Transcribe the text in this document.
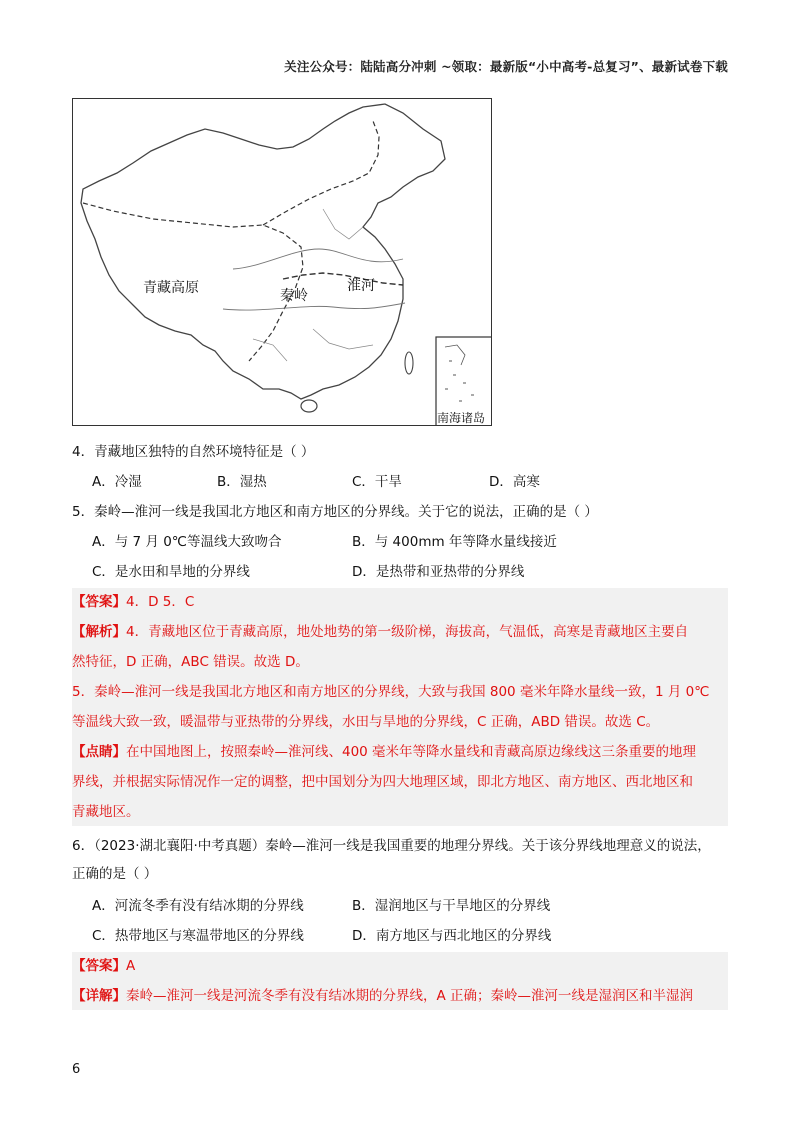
关注公众号：陆陆高分冲刺 ~领取：最新版“小中高考-总复习”、最新试卷下载
青藏高原	秦岭
淮河
南海诸岛
4．青藏地区独特的自然环境特征是（ ）
A．冷湿	B．湿热	C．干旱	D．高寒
5．秦岭—淮河一线是我国北方地区和南方地区的分界线。关于它的说法，正确的是（ ）
A．与 7 月 0℃等温线大致吻合	B．与 400mm 年等降水量线接近
C．是水田和旱地的分界线	D．是热带和亚热带的分界线
【答案】4．D 5．C
【解析】4．青藏地区位于青藏高原，地处地势的第一级阶梯，海拔高，气温低，高寒是青藏地区主要自
然特征，D 正确，ABC 错误。故选 D。
5．秦岭—淮河一线是我国北方地区和南方地区的分界线，大致与我国 800 毫米年降水量线一致，1 月 0℃
等温线大致一致，暖温带与亚热带的分界线，水田与旱地的分界线，C 正确，ABD 错误。故选 C。
【点睛】在中国地图上，按照秦岭—淮河线、400 毫米年等降水量线和青藏高原边缘线这三条重要的地理
界线，并根据实际情况作一定的调整，把中国划分为四大地理区域，即北方地区、南方地区、西北地区和
青藏地区。
6．（2023·湖北襄阳·中考真题）秦岭—淮河一线是我国重要的地理分界线。关于该分界线地理意义的说法，
正确的是（ ）
A．河流冬季有没有结冰期的分界线	B．湿润地区与干旱地区的分界线
C．热带地区与寒温带地区的分界线	D．南方地区与西北地区的分界线
【答案】A
【详解】秦岭—淮河一线是河流冬季有没有结冰期的分界线，A 正确；秦岭—淮河一线是湿润区和半湿润
6
